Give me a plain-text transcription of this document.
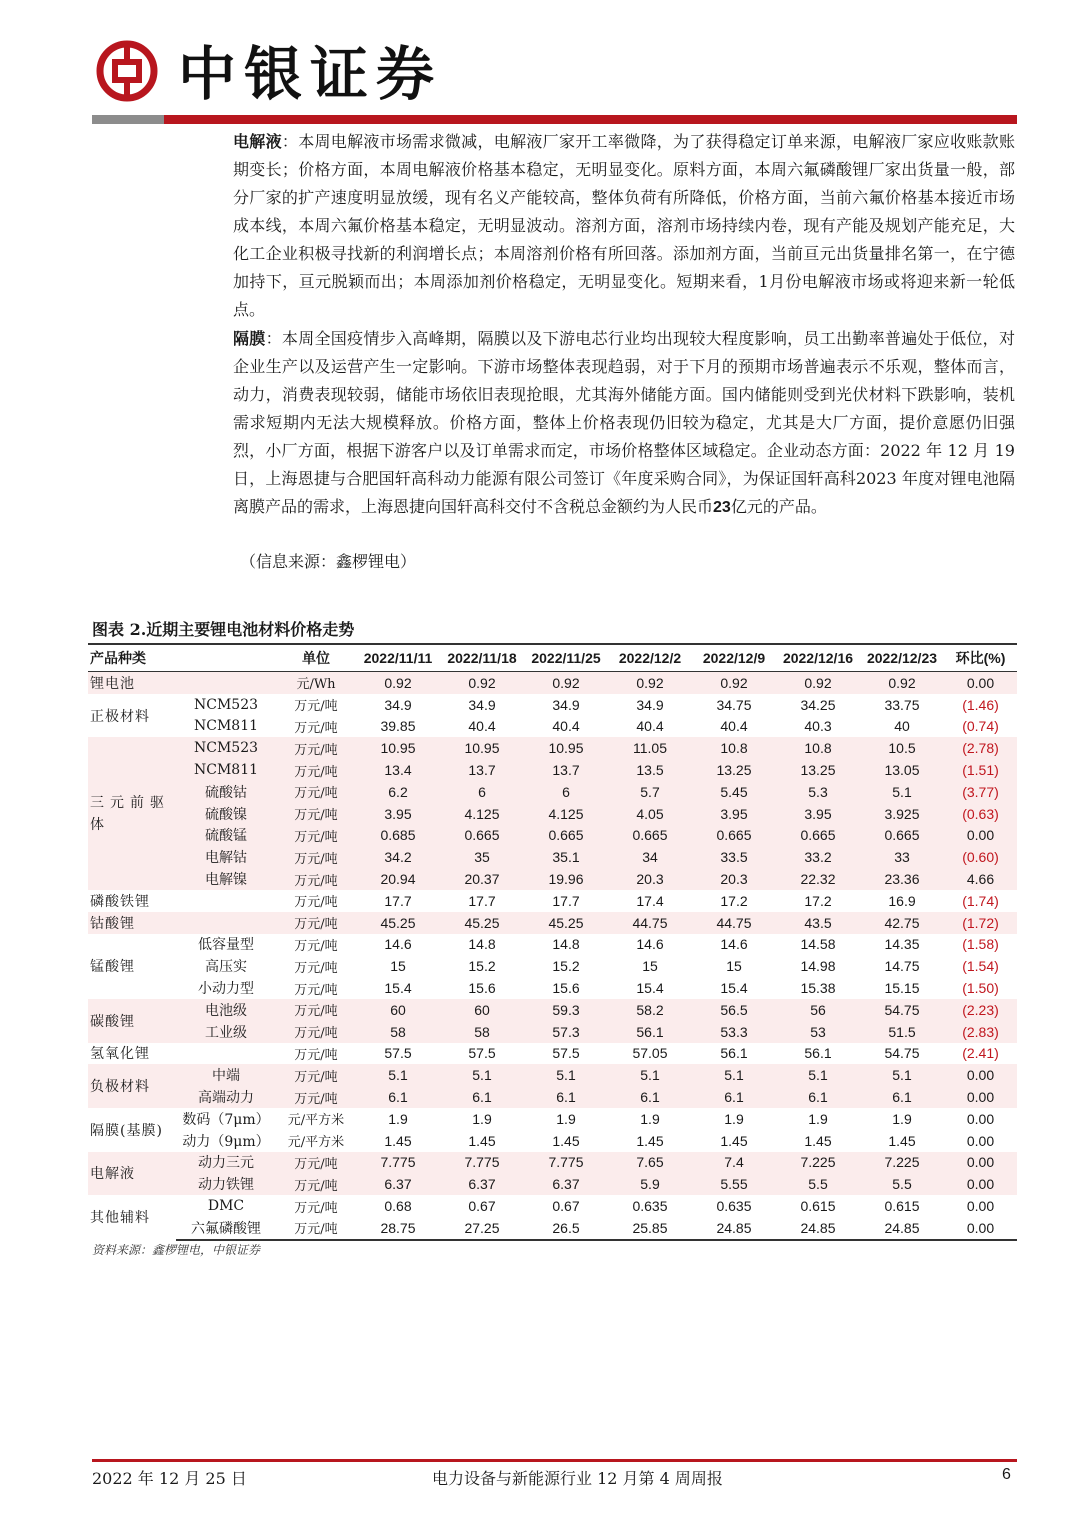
中银证券
电解液：本周电解液市场需求微减，电解液厂家开工率微降，为了获得稳定订单来源，电解液厂家应收账款账期变长；价格方面，本周电解液价格基本稳定，无明显变化。原料方面，本周六氟磷酸锂厂家出货量一般，部分厂家的扩产速度明显放缓，现有名义产能较高，整体负荷有所降低，价格方面，当前六氟价格基本接近市场成本线，本周六氟价格基本稳定，无明显波动。溶剂方面，溶剂市场持续内卷，现有产能及规划产能充足，大化工企业积极寻找新的利润增长点；本周溶剂价格有所回落。添加剂方面，当前亘元出货量排名第一，在宁德加持下，亘元脱颖而出；本周添加剂价格稳定，无明显变化。短期来看，1月份电解液市场或将迎来新一轮低点。
隔膜：本周全国疫情步入高峰期，隔膜以及下游电芯行业均出现较大程度影响，员工出勤率普遍处于低位，对企业生产以及运营产生一定影响。下游市场整体表现趋弱，对于下月的预期市场普遍表示不乐观，整体而言，动力，消费表现较弱，储能市场依旧表现抢眼，尤其海外储能方面。国内储能则受到光伏材料下跌影响，装机需求短期内无法大规模释放。价格方面，整体上价格表现仍旧较为稳定，尤其是大厂方面，提价意愿仍旧强烈，小厂方面，根据下游客户以及订单需求而定，市场价格整体区域稳定。企业动态方面：2022 年 12 月 19 日，上海恩捷与合肥国轩高科动力能源有限公司签订《年度采购合同》，为保证国轩高科2023 年度对锂电池隔离膜产品的需求，上海恩捷向国轩高科交付不含税总金额约为人民币23亿元的产品。
（信息来源：鑫椤锂电）
图表 2.近期主要锂电池材料价格走势
产品种类		单位	2022/11/11	2022/11/18	2022/11/25	2022/12/2	2022/12/9	2022/12/16	2022/12/23	环比(%)
锂电池		元/Wh	0.92	0.92	0.92	0.92	0.92	0.92	0.92	0.00
正极材料	NCM523	万元/吨	34.9	34.9	34.9	34.9	34.75	34.25	33.75	(1.46)
	NCM811	万元/吨	39.85	40.4	40.4	40.4	40.4	40.3	40	(0.74)
三元前驱体	NCM523	万元/吨	10.95	10.95	10.95	11.05	10.8	10.8	10.5	(2.78)
	NCM811	万元/吨	13.4	13.7	13.7	13.5	13.25	13.25	13.05	(1.51)
	硫酸钴	万元/吨	6.2	6	6	5.7	5.45	5.3	5.1	(3.77)
	硫酸镍	万元/吨	3.95	4.125	4.125	4.05	3.95	3.95	3.925	(0.63)
	硫酸锰	万元/吨	0.685	0.665	0.665	0.665	0.665	0.665	0.665	0.00
	电解钴	万元/吨	34.2	35	35.1	34	33.5	33.2	33	(0.60)
	电解镍	万元/吨	20.94	20.37	19.96	20.3	20.3	22.32	23.36	4.66
磷酸铁锂		万元/吨	17.7	17.7	17.7	17.4	17.2	17.2	16.9	(1.74)
钴酸锂		万元/吨	45.25	45.25	45.25	44.75	44.75	43.5	42.75	(1.72)
锰酸锂	低容量型	万元/吨	14.6	14.8	14.8	14.6	14.6	14.58	14.35	(1.58)
	高压实	万元/吨	15	15.2	15.2	15	15	14.98	14.75	(1.54)
	小动力型	万元/吨	15.4	15.6	15.6	15.4	15.4	15.38	15.15	(1.50)
碳酸锂	电池级	万元/吨	60	60	59.3	58.2	56.5	56	54.75	(2.23)
	工业级	万元/吨	58	58	57.3	56.1	53.3	53	51.5	(2.83)
氢氧化锂		万元/吨	57.5	57.5	57.5	57.05	56.1	56.1	54.75	(2.41)
负极材料	中端	万元/吨	5.1	5.1	5.1	5.1	5.1	5.1	5.1	0.00
	高端动力	万元/吨	6.1	6.1	6.1	6.1	6.1	6.1	6.1	0.00
隔膜(基膜)	数码（7μm）	元/平方米	1.9	1.9	1.9	1.9	1.9	1.9	1.9	0.00
	动力（9μm）	元/平方米	1.45	1.45	1.45	1.45	1.45	1.45	1.45	0.00
电解液	动力三元	万元/吨	7.775	7.775	7.775	7.65	7.4	7.225	7.225	0.00
	动力铁锂	万元/吨	6.37	6.37	6.37	5.9	5.55	5.5	5.5	0.00
其他辅料	DMC	万元/吨	0.68	0.67	0.67	0.635	0.635	0.615	0.615	0.00
	六氟磷酸锂	万元/吨	28.75	27.25	26.5	25.85	24.85	24.85	24.85	0.00
资料来源：鑫椤锂电，中银证券
2022 年 12 月 25 日	电力设备与新能源行业 12 月第 4 周周报	6
